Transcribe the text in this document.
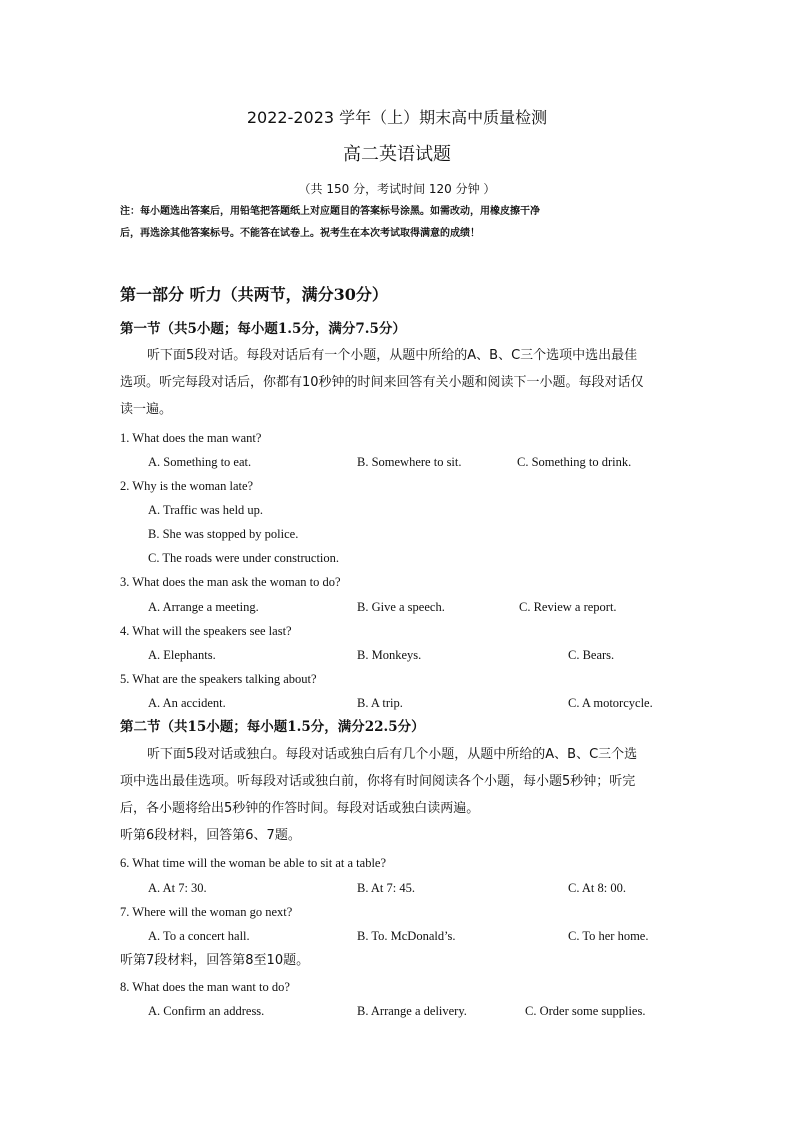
2022-2023 学年（上）期末高中质量检测
高二英语试题
（共 150 分，考试时间 120 分钟 ）
注：每小题选出答案后，用铅笔把答题纸上对应题目的答案标号涂黑。如需改动，用橡皮擦干净
后，再选涂其他答案标号。不能答在试卷上。祝考生在本次考试取得满意的成绩！
第一部分 听力（共两节，满分30分）
第一节（共5小题；每小题1.5分，满分7.5分）
听下面5段对话。每段对话后有一个小题，从题中所给的A、B、C三个选项中选出最佳
选项。听完每段对话后，你都有10秒钟的时间来回答有关小题和阅读下一小题。每段对话仅
读一遍。
1. What does the man want?
A. Something to eat.	B. Somewhere to sit.	C. Something to drink.
2. Why is the woman late?
A. Traffic was held up.
B. She was stopped by police.
C. The roads were under construction.
3. What does the man ask the woman to do?
A. Arrange a meeting.	B. Give a speech.	C. Review a report.
4. What will the speakers see last?
A. Elephants.	B. Monkeys.	C. Bears.
5. What are the speakers talking about?
A. An accident.	B. A trip.	C. A motorcycle.
第二节（共15小题；每小题1.5分，满分22.5分）
听下面5段对话或独白。每段对话或独白后有几个小题，从题中所给的A、B、C三个选
项中选出最佳选项。听每段对话或独白前，你将有时间阅读各个小题，每小题5秒钟；听完
后，各小题将给出5秒钟的作答时间。每段对话或独白读两遍。
听第6段材料，回答第6、7题。
6. What time will the woman be able to sit at a table?
A. At 7: 30.	B. At 7: 45.	C. At 8: 00.
7. Where will the woman go next?
A. To a concert hall.	B. To. McDonald’s.	C. To her home.
听第7段材料，回答第8至10题。
8. What does the man want to do?
A. Confirm an address.	B. Arrange a delivery.	C. Order some supplies.
